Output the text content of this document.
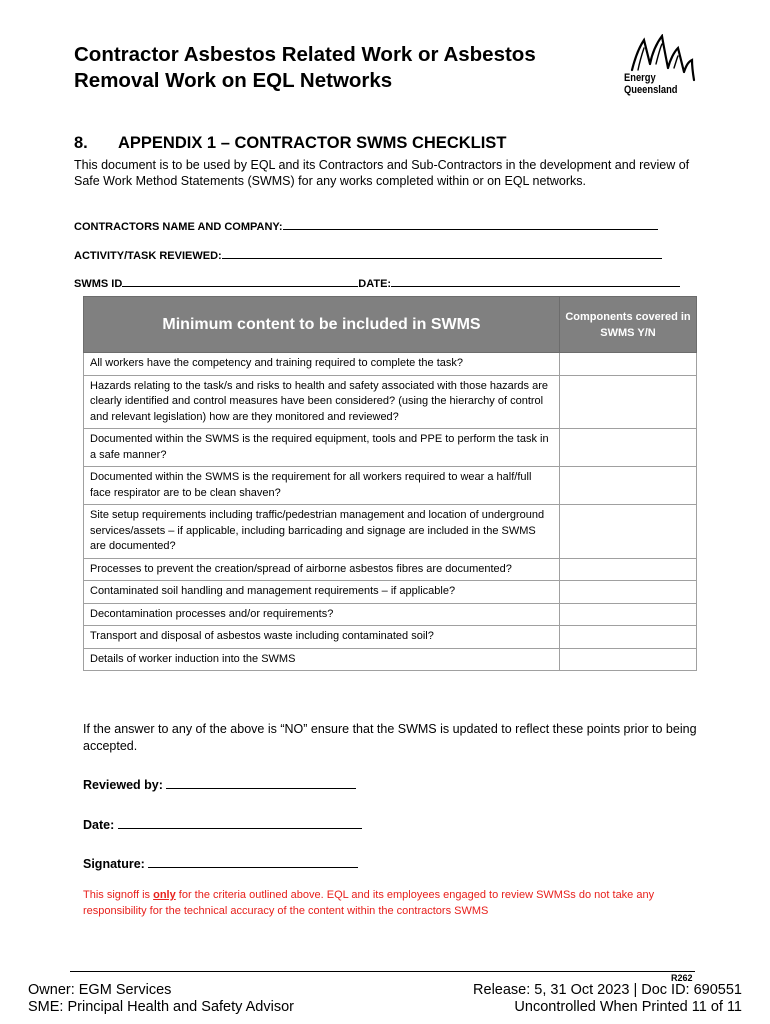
Contractor Asbestos Related Work or Asbestos
Removal Work on EQL Networks	Energy
Queensland
8. APPENDIX 1 – CONTRACTOR SWMS CHECKLIST
This document is to be used by EQL and its Contractors and Sub-Contractors in the development and review of Safe Work Method Statements (SWMS) for any works completed within or on EQL networks.
CONTRACTORS NAME AND COMPANY:
ACTIVITY/TASK REVIEWED:
SWMS ID	DATE:
Minimum content to be included in SWMS	Components covered in SWMS Y/N
All workers have the competency and training required to complete the task?	
Hazards relating to the task/s and risks to health and safety associated with those hazards are clearly identified and control measures have been considered? (using the hierarchy of control and relevant legislation) how are they monitored and reviewed?	
Documented within the SWMS is the required equipment, tools and PPE to perform the task in a safe manner?	
Documented within the SWMS is the requirement for all workers required to wear a half/full face respirator are to be clean shaven?	
Site setup requirements including traffic/pedestrian management and location of underground services/assets – if applicable, including barricading and signage are included in the SWMS are documented?	
Processes to prevent the creation/spread of airborne asbestos fibres are documented?	
Contaminated soil handling and management requirements – if applicable?	
Decontamination processes and/or requirements?	
Transport and disposal of asbestos waste including contaminated soil?	
Details of worker induction into the SWMS	
If the answer to any of the above is “NO” ensure that the SWMS is updated to reflect these points prior to being accepted.
Reviewed by:
Date:
Signature:
This signoff is only for the criteria outlined above. EQL and its employees engaged to review SWMSs do not take any responsibility for the technical accuracy of the content within the contractors SWMS
R262
Owner: EGM Services
SME: Principal Health and Safety Advisor
Release: 5, 31 Oct 2023 | Doc ID: 690551
Uncontrolled When Printed 11 of 11
